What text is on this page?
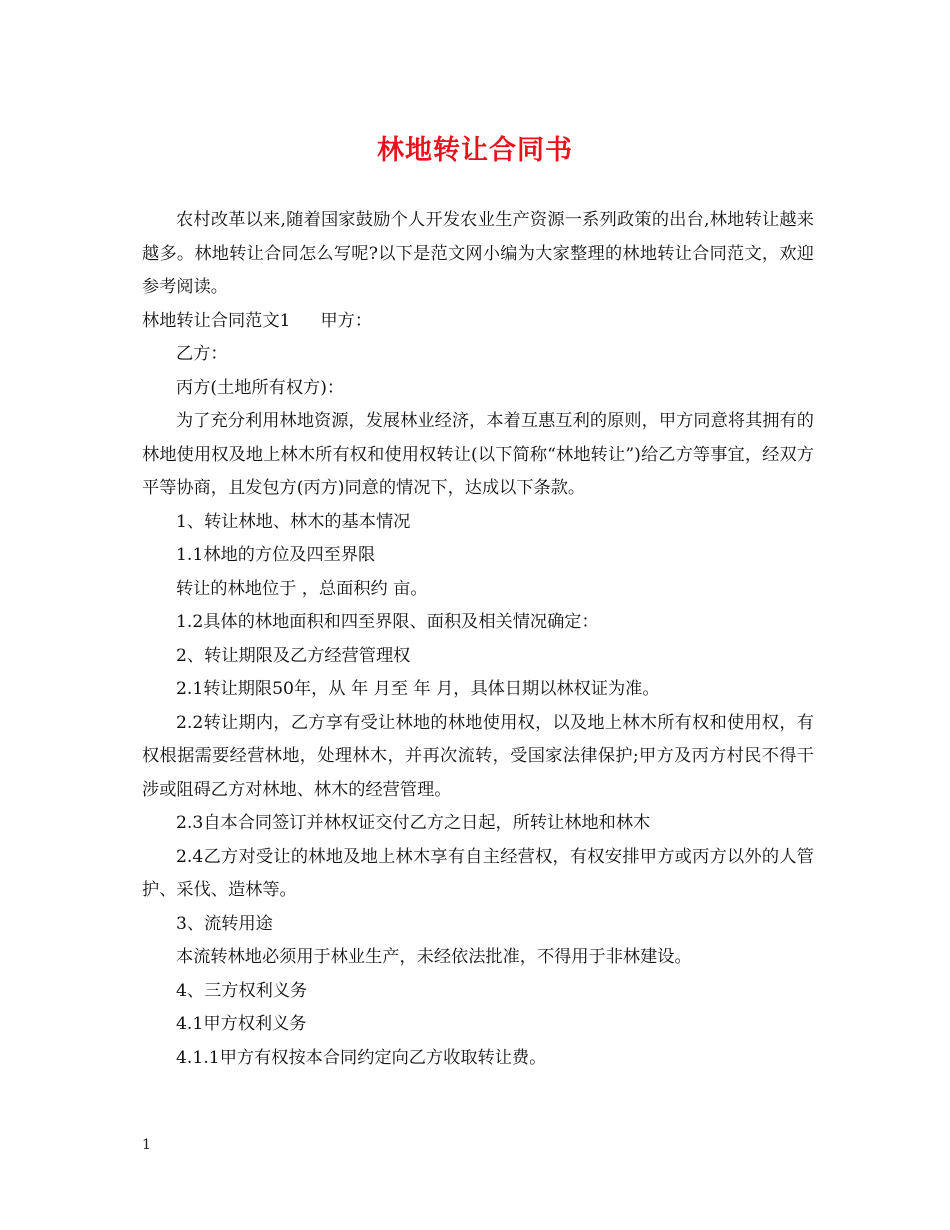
林地转让合同书

农村改革以来,随着国家鼓励个人开发农业生产资源一系列政策的出台,林地转让越来越多。林地转让合同怎么写呢?以下是范文网小编为大家整理的林地转让合同范文，欢迎参考阅读。

林地转让合同范文1 甲方：

乙方：

丙方(土地所有权方)：

为了充分利用林地资源，发展林业经济，本着互惠互利的原则，甲方同意将其拥有的林地使用权及地上林木所有权和使用权转让(以下简称“林地转让”)给乙方等事宜，经双方平等协商，且发包方(丙方)同意的情况下，达成以下条款。

1、转让林地、林木的基本情况

1.1林地的方位及四至界限

转让的林地位于 ，总面积约 亩。

1.2具体的林地面积和四至界限、面积及相关情况确定：

2、转让期限及乙方经营管理权

2.1转让期限50年，从 年 月至 年 月，具体日期以林权证为准。

2.2转让期内，乙方享有受让林地的林地使用权，以及地上林木所有权和使用权，有权根据需要经营林地，处理林木，并再次流转，受国家法律保护;甲方及丙方村民不得干涉或阻碍乙方对林地、林木的经营管理。

2.3自本合同签订并林权证交付乙方之日起，所转让林地和林木

2.4乙方对受让的林地及地上林木享有自主经营权，有权安排甲方或丙方以外的人管护、采伐、造林等。

3、流转用途

本流转林地必须用于林业生产，未经依法批准，不得用于非林建设。

4、三方权利义务

4.1甲方权利义务

4.1.1甲方有权按本合同约定向乙方收取转让费。

1
